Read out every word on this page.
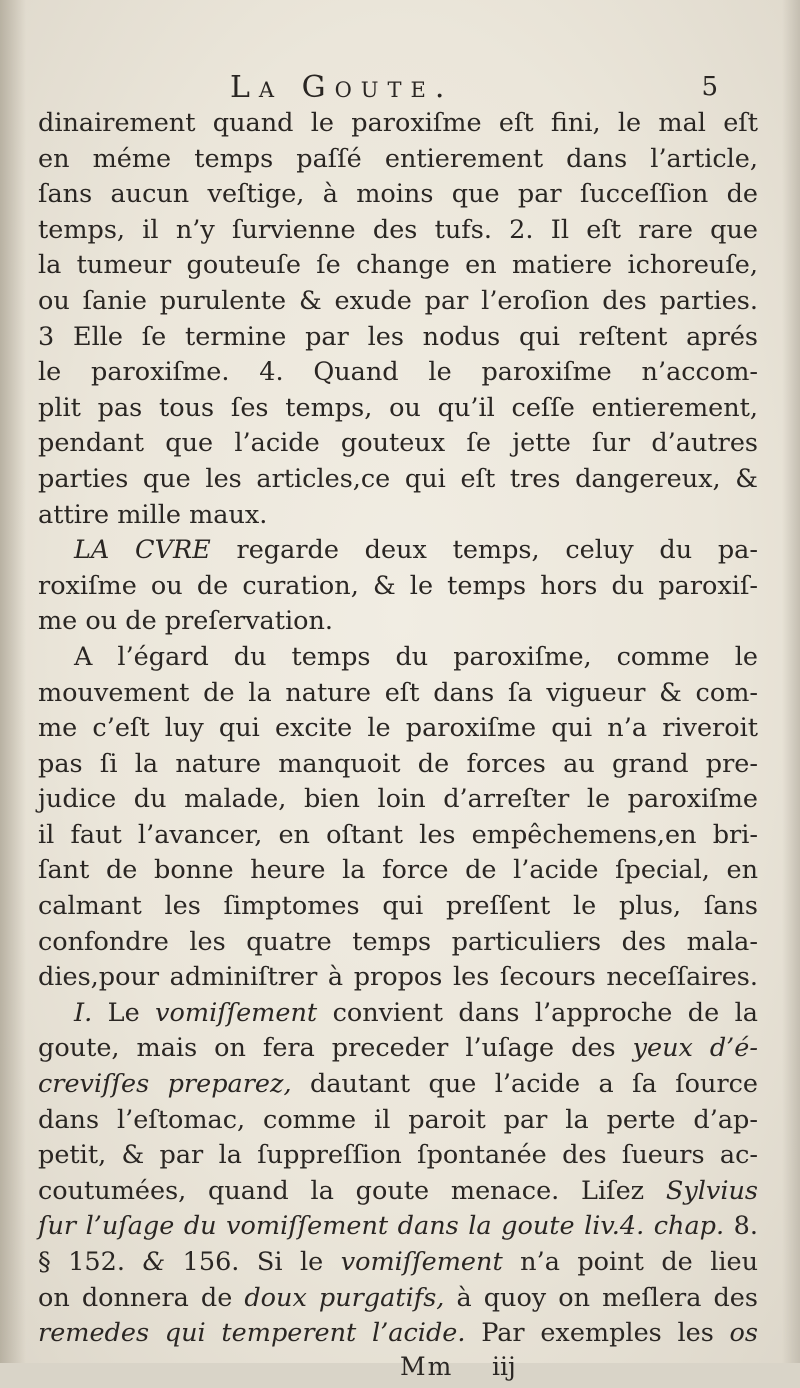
La Goute.	5
dinairement quand le paroxiſme eſt fini, le mal eſt
en méme temps paſſé entierement dans l’article,
ſans aucun veſtige, à moins que par ſucceſſion de
temps, il n’y ſurvienne des tufs. 2. Il eſt rare que
la tumeur gouteuſe ſe change en matiere ichoreuſe,
ou ſanie purulente & exude par l’eroſion des parties.
3 Elle ſe termine par les nodus qui reſtent aprés
le paroxiſme. 4. Quand le paroxiſme n’accom-
plit pas tous ſes temps, ou qu’il ceſſe entierement,
pendant que l’acide gouteux ſe jette ſur d’autres
parties que les articles,ce qui eſt tres dangereux, &
attire mille maux.
LA CVRE regarde deux temps, celuy du pa-
roxiſme ou de curation, & le temps hors du paroxiſ-
me ou de preſervation.
A l’égard du temps du paroxiſme, comme le
mouvement de la nature eſt dans ſa vigueur & com-
me c’eſt luy qui excite le paroxiſme qui n’a riveroit
pas ſi la nature manquoit de forces au grand pre-
judice du malade, bien loin d’arreſter le paroxiſme
il faut l’avancer, en oſtant les empêchemens,en bri-
ſant de bonne heure la force de l’acide ſpecial, en
calmant les ſimptomes qui preſſent le plus, ſans
confondre les quatre temps particuliers des mala-
dies,pour adminiſtrer à propos les ſecours neceſſaires.
I. Le vomiſſement convient dans l’approche de la
goute, mais on fera preceder l’uſage des yeux d’é-
creviſſes preparez, dautant que l’acide a ſa ſource
dans l’eſtomac, comme il paroit par la perte d’ap-
petit, & par la ſuppreſſion ſpontanée des ſueurs ac-
coutumées, quand la goute menace. Liſez Sylvius
ſur l’uſage du vomiſſement dans la goute liv.4. chap. 8.
§ 152. & 156. Si le vomiſſement n’a point de lieu
on donnera de doux purgatifs, à quoy on meſlera des
remedes qui temperent l’acide. Par exemples les os
Mm iij
